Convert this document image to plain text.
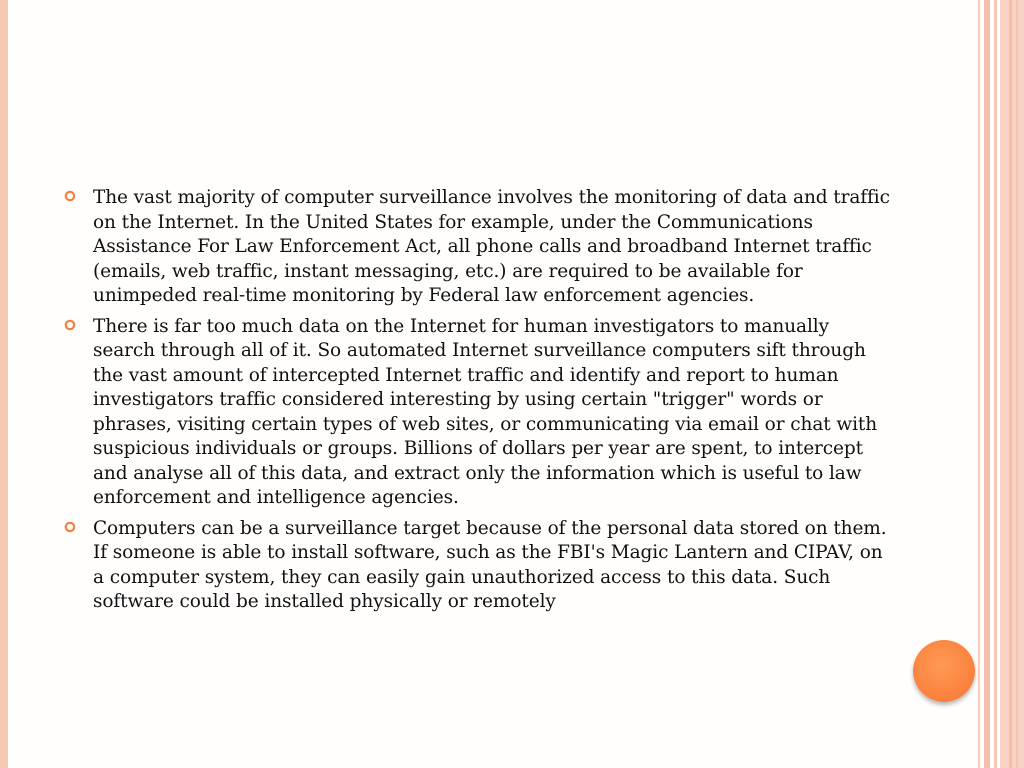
The vast majority of computer surveillance involves the monitoring of data and traffic on the Internet. In the United States for example, under the Communications Assistance For Law Enforcement Act, all phone calls and broadband Internet traffic (emails, web traffic, instant messaging, etc.) are required to be available for unimpeded real-time monitoring by Federal law enforcement agencies.
There is far too much data on the Internet for human investigators to manually search through all of it. So automated Internet surveillance computers sift through the vast amount of intercepted Internet traffic and identify and report to human investigators traffic considered interesting by using certain "trigger" words or phrases, visiting certain types of web sites, or communicating via email or chat with suspicious individuals or groups. Billions of dollars per year are spent, to intercept and analyse all of this data, and extract only the information which is useful to law enforcement and intelligence agencies.
Computers can be a surveillance target because of the personal data stored on them. If someone is able to install software, such as the FBI's Magic Lantern and CIPAV, on a computer system, they can easily gain unauthorized access to this data. Such software could be installed physically or remotely
